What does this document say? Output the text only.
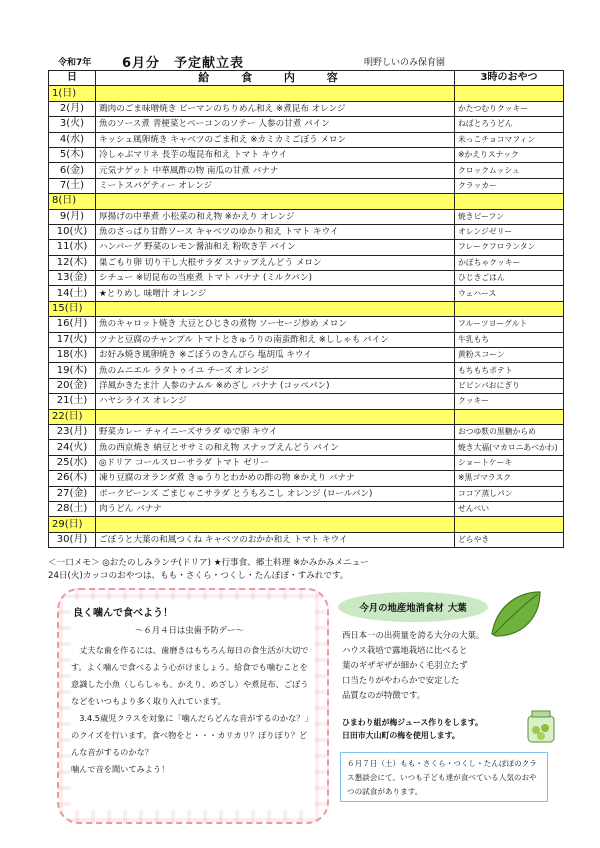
令和7年 6月分　予定献立表	明野しいのみ保育園
日	給 食 内 容	3時のおやつ
1(日)		
2(月)	鶏肉のごま味噌焼き ピーマンのちりめん和え ※煮昆布 オレンジ	かたつむりクッキー
3(火)	魚のソース煮 青梗菜とベーコンのソテー 人参の甘煮 パイン	ねばとろうどん
4(水)	キッシュ風卵焼き キャベツのごま和え ※カミカミごぼう メロン	米っこチョコマフィン
5(木)	冷しゃぶマリネ 長芋の塩昆布和え トマト キウイ	※かえりスナック
6(金)	元気ナゲット 中華風酢の物 南瓜の甘煮 バナナ	クロックムッシュ
7(土)	ミートスパゲティー オレンジ	クラッカー
8(日)		
9(月)	厚揚げの中華煮 小松菜の和え物 ※かえり オレンジ	焼きビーフン
10(火)	魚のさっぱり甘酢ソース キャベツのゆかり和え トマト キウイ	オレンジゼリー
11(水)	ハンバーグ 野菜のレモン醤油和え 粉吹き芋 パイン	フレークフロランタン
12(木)	巣ごもり卵 切り干し大根サラダ スナップえんどう メロン	かぼちゃクッキー
13(金)	シチュー ※切昆布の当座煮 トマト バナナ (ミルクパン)	ひじきごはん
14(土)	★とりめし 味噌汁 オレンジ	ウェハース
15(日)		
16(月)	魚のキャロット焼き 大豆とひじきの煮物 ソーセージ炒め メロン	フルーツヨーグルト
17(火)	ツナと豆腐のチャンプル トマトときゅうりの南蛮酢和え ※ししゃも パイン	牛乳もち
18(水)	お好み焼き風卵焼き ※ごぼうのきんぴら 塩胡瓜 キウイ	黄粉スコーン
19(木)	魚のムニエル ラタトゥイユ チーズ オレンジ	もちもちポテト
20(金)	洋風かきたま汁 人参のナムル ※めざし バナナ (コッペパン)	ビビンパおにぎり
21(土)	ハヤシライス オレンジ	クッキー
22(日)		
23(月)	野菜カレー チャイニーズサラダ ゆで卵 キウイ	おつゆ麩の黒糖からめ
24(火)	魚の西京焼き 納豆とササミの和え物 スナップえんどう パイン	焼き大福(マカロニあべかわ)
25(水)	◎ドリア コールスローサラダ トマト ゼリー	ショートケーキ
26(木)	凍り豆腐のオランダ煮 きゅうりとわかめの酢の物 ※かえり バナナ	※黒ゴマラスク
27(金)	ポークビーンズ ごまじゃこサラダ とうもろこし オレンジ (ロールパン)	ココア蒸しパン
28(土)	肉うどん バナナ	せんべい
29(日)		
30(月)	ごぼうと大葉の和風つくね キャベツのおかか和え トマト キウイ	どらやき
＜一口メモ＞ ◎おたのしみランチ(ドリア) ★行事食、郷土料理 ※かみかみメニュー
24日(火)カッコのおやつは、もも・さくら・つくし・たんぽぽ・すみれです。
良く噛んで食べよう！
～６月４日は虫歯予防デー～

　丈夫な歯を作るには、歯磨きはもちろん毎日の食生活が大切です。よく噛んで食べるよう心がけましょう。給食でも噛むことを意識した小魚（しらしゃも、かえり、めざし）や煮昆布、ごぼうなどをいつもより多く取り入れています。

　3.4.5歳児クラスを対象に「噛んだらどんな音がするのかな？」のクイズを行います。食べ物をと・・・カリカリ？ぽりぽり？どんな音がするのかな？

噛んで音を聞いてみよう！

今月の地産地消食材 大葉

西日本一の出荷量を誇る大分の大葉。

ハウス栽培で露地栽培に比べると

葉のギザギザが細かく毛羽立たず

口当たりがやわらかで安定した

品質なのが特徴です。

ひまわり組が梅ジュース作りをします。

日田市大山町の梅を使用します。

６月７日（土）もも・さくら・つくし・たんぽぽのクラス懇談会にて、いつも子ども達が食べている人気のおやつの試食があります。
